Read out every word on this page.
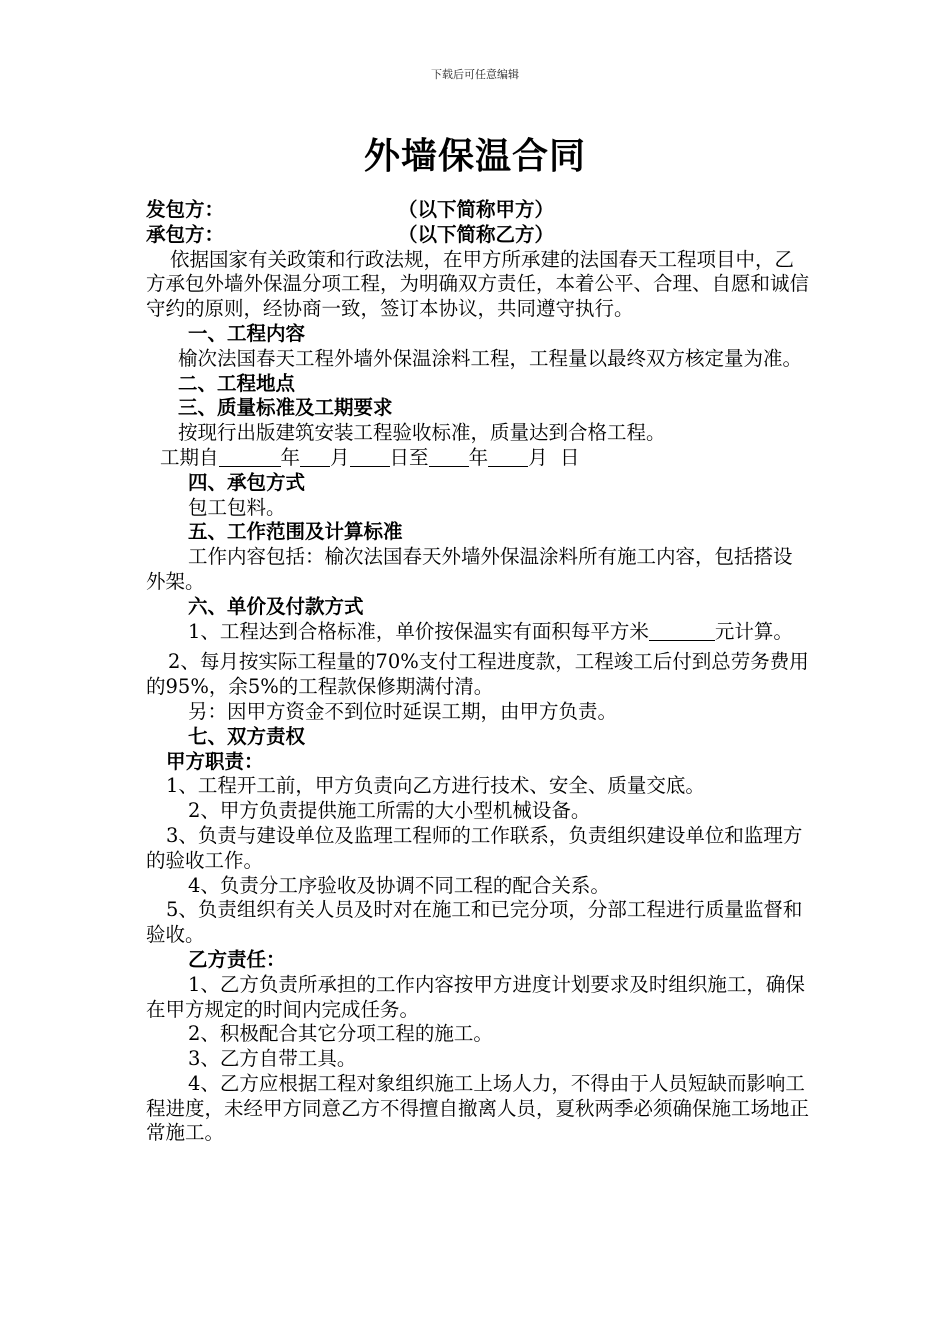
下载后可任意编辑
外墙保温合同
发包方：	（以下简称甲方）
承包方：	（以下简称乙方）

依据国家有关政策和行政法规，在甲方所承建的法国春天工程项目中，乙方承包外墙外保温分项工程，为明确双方责任，本着公平、合理、自愿和诚信守约的原则，经协商一致，签订本协议，共同遵守执行。

一、工程内容

榆次法国春天工程外墙外保温涂料工程，工程量以最终双方核定量为准。

二、工程地点

三、质量标准及工期要求

按现行出版建筑安装工程验收标准，质量达到合格工程。

工期自	年 月 日至 年 月 日

四、承包方式

包工包料。

五、工作范围及计算标准

工作内容包括：榆次法国春天外墙外保温涂料所有施工内容，包括搭设外架。

六、单价及付款方式

1、工程达到合格标准，单价按保温实有面积每平方米	元计算。

2、每月按实际工程量的70%支付工程进度款，工程竣工后付到总劳务费用的95%，余5%的工程款保修期满付清。

另：因甲方资金不到位时延误工期，由甲方负责。

七、双方责权

甲方职责：

1、工程开工前，甲方负责向乙方进行技术、安全、质量交底。

2、甲方负责提供施工所需的大小型机械设备。

3、负责与建设单位及监理工程师的工作联系，负责组织建设单位和监理方的验收工作。

4、负责分工序验收及协调不同工程的配合关系。

5、负责组织有关人员及时对在施工和已完分项，分部工程进行质量监督和验收。

乙方责任：

1、乙方负责所承担的工作内容按甲方进度计划要求及时组织施工，确保在甲方规定的时间内完成任务。

2、积极配合其它分项工程的施工。

3、乙方自带工具。

4、乙方应根据工程对象组织施工上场人力，不得由于人员短缺而影响工程进度，未经甲方同意乙方不得擅自撤离人员，夏秋两季必须确保施工场地正常施工。
